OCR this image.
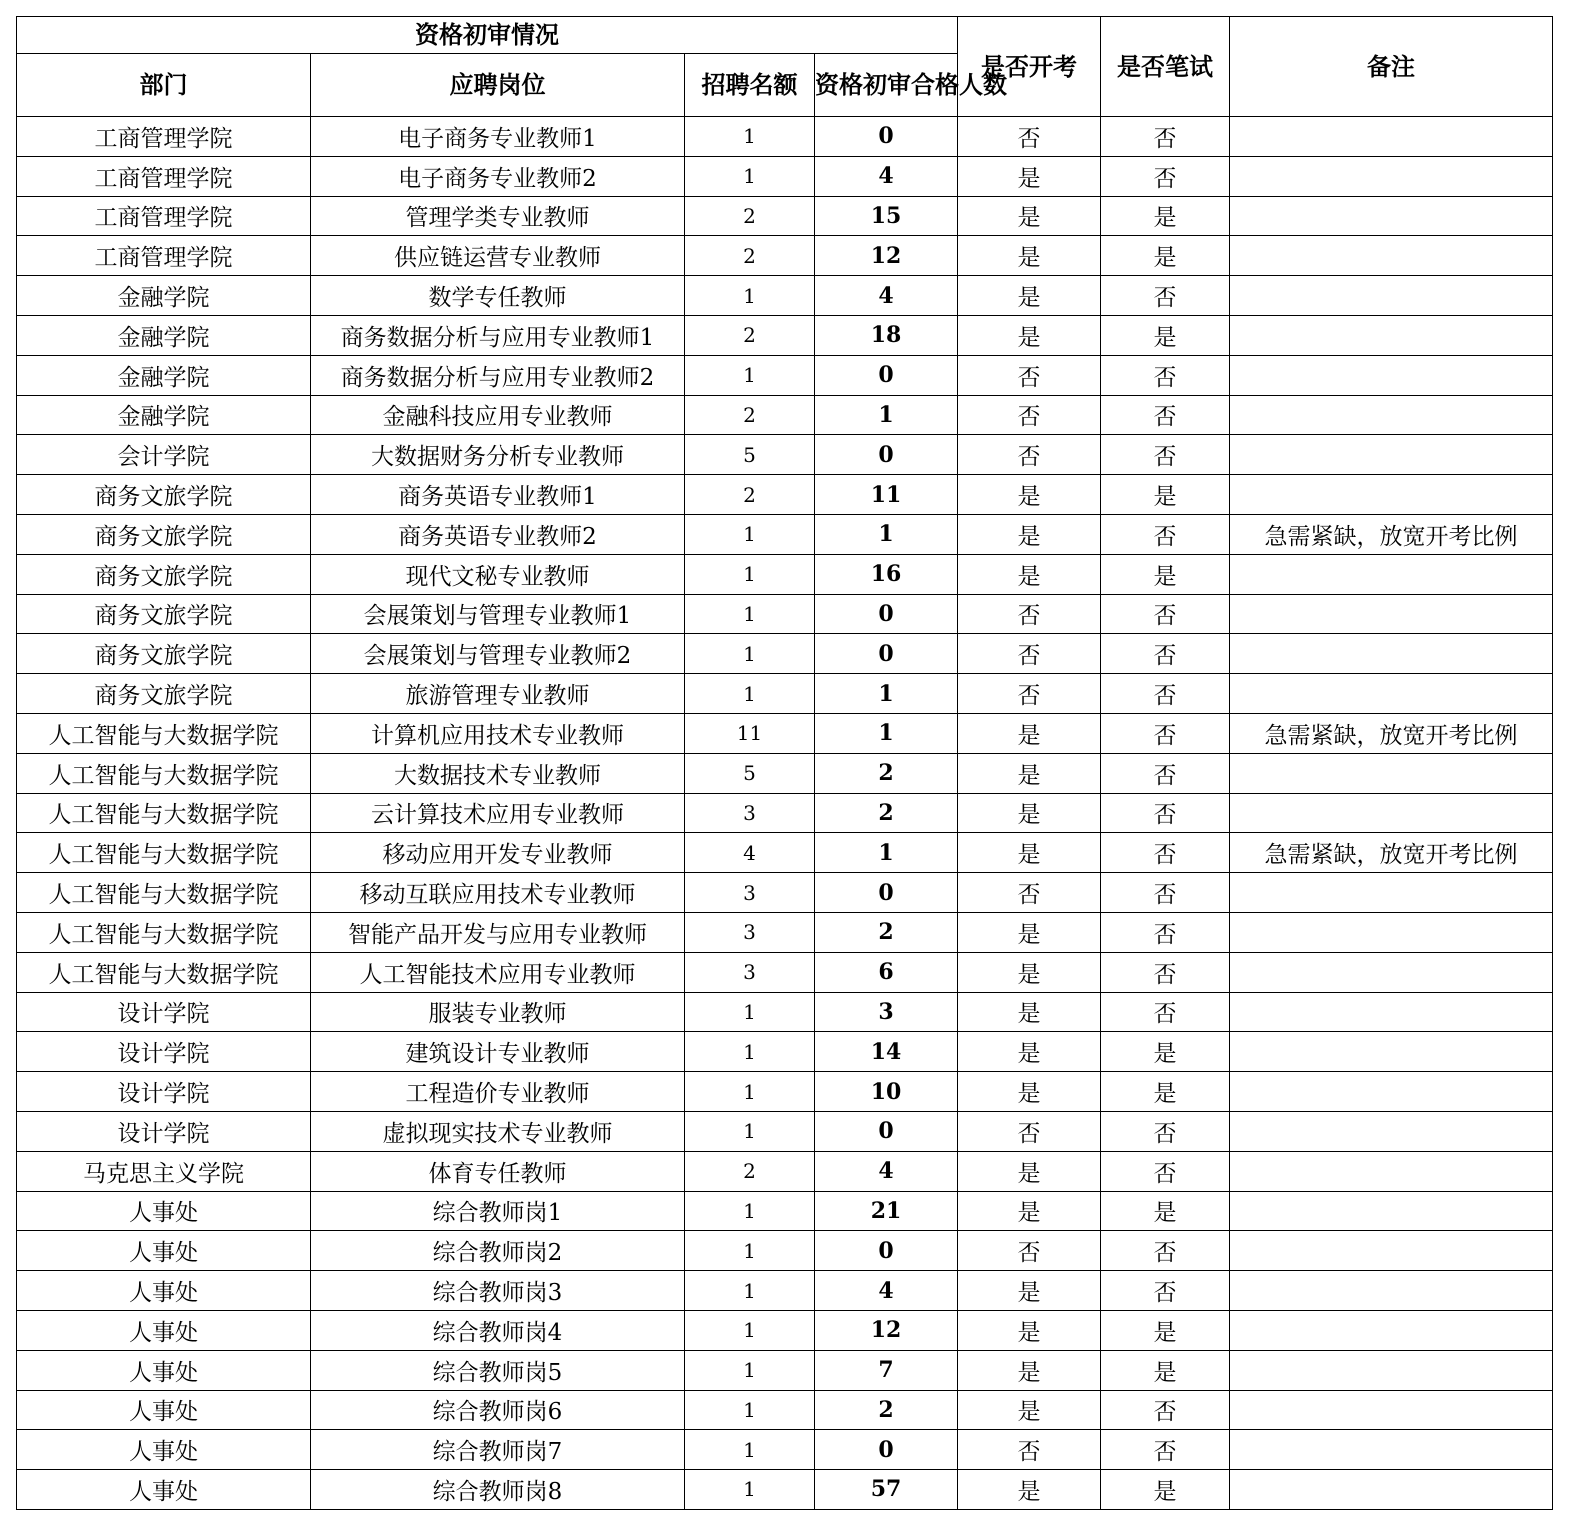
资格初审情况				是否开考	是否笔试	备注
部门	应聘岗位	招聘名额	资格初审合格人数			
工商管理学院	电子商务专业教师1	1	0	否	否	
工商管理学院	电子商务专业教师2	1	4	是	否	
工商管理学院	管理学类专业教师	2	15	是	是	
工商管理学院	供应链运营专业教师	2	12	是	是	
金融学院	数学专任教师	1	4	是	否	
金融学院	商务数据分析与应用专业教师1	2	18	是	是	
金融学院	商务数据分析与应用专业教师2	1	0	否	否	
金融学院	金融科技应用专业教师	2	1	否	否	
会计学院	大数据财务分析专业教师	5	0	否	否	
商务文旅学院	商务英语专业教师1	2	11	是	是	
商务文旅学院	商务英语专业教师2	1	1	是	否	急需紧缺，放宽开考比例
商务文旅学院	现代文秘专业教师	1	16	是	是	
商务文旅学院	会展策划与管理专业教师1	1	0	否	否	
商务文旅学院	会展策划与管理专业教师2	1	0	否	否	
商务文旅学院	旅游管理专业教师	1	1	否	否	
人工智能与大数据学院	计算机应用技术专业教师	11	1	是	否	急需紧缺，放宽开考比例
人工智能与大数据学院	大数据技术专业教师	5	2	是	否	
人工智能与大数据学院	云计算技术应用专业教师	3	2	是	否	
人工智能与大数据学院	移动应用开发专业教师	4	1	是	否	急需紧缺，放宽开考比例
人工智能与大数据学院	移动互联应用技术专业教师	3	0	否	否	
人工智能与大数据学院	智能产品开发与应用专业教师	3	2	是	否	
人工智能与大数据学院	人工智能技术应用专业教师	3	6	是	否	
设计学院	服装专业教师	1	3	是	否	
设计学院	建筑设计专业教师	1	14	是	是	
设计学院	工程造价专业教师	1	10	是	是	
设计学院	虚拟现实技术专业教师	1	0	否	否	
马克思主义学院	体育专任教师	2	4	是	否	
人事处	综合教师岗1	1	21	是	是	
人事处	综合教师岗2	1	0	否	否	
人事处	综合教师岗3	1	4	是	否	
人事处	综合教师岗4	1	12	是	是	
人事处	综合教师岗5	1	7	是	是	
人事处	综合教师岗6	1	2	是	否	
人事处	综合教师岗7	1	0	否	否	
人事处	综合教师岗8	1	57	是	是	
